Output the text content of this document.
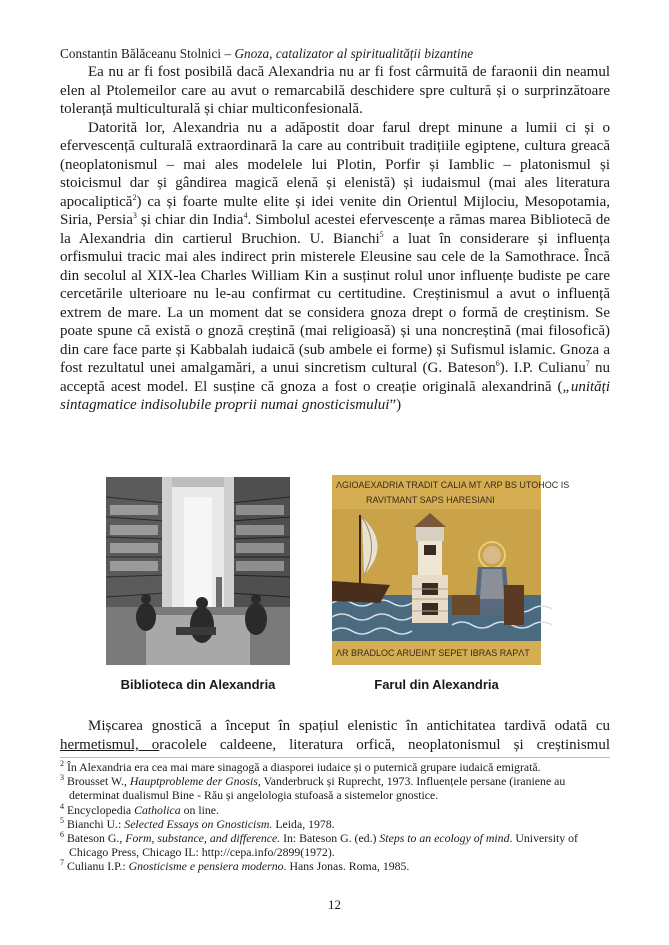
Constantin Bălăceanu Stolnici – Gnoza, catalizator al spiritualității bizantine

Ea nu ar fi fost posibilă dacă Alexandria nu ar fi fost cârmuită de faraonii din neamul elen al Ptolemeilor care au avut o remarcabilă deschidere spre cultură și o surprinzătoare toleranță multiculturală și chiar multiconfesională.

Datorită lor, Alexandria nu a adăpostit doar farul drept minune a lumii ci și o efervescență culturală extraordinară la care au contribuit tradițiile egiptene, cultura greacă (neoplatonismul – mai ales modelele lui Plotin, Porfir și Iamblic – platonismul și stoicismul dar și gândirea magică elenă și elenistă) și iudaismul (mai ales literatura apocaliptică$^2$) ca și foarte multe elite și idei venite din Orientul Mijlociu, Mesopotamia, Siria, Persia$^3$ și chiar din India$^4$. Simbolul acestei efervescențe a rămas marea Bibliotecă de la Alexandria din cartierul Bruchion. U. Bianchi$^5$ a luat în considerare și influența orfismului tracic mai ales indirect prin misterele Eleusine sau cele de la Samothrace. Încă din secolul al XIX-lea Charles William Kin a susținut rolul unor influențe budiste pe care cercetările ulterioare nu le-au confirmat cu certitudine. Creștinismul a avut o influență extrem de mare. La un moment dat se considera gnoza drept o formă de creștinism. Se poate spune că există o gnoză creștină (mai religioasă) și una noncreștină (mai filosofică) din care face parte și Kabbalah iudaică (sub ambele ei forme) și Sufismul islamic. Gnoza a fost rezultatul unei amalgamări, a unui sincretism cultural (G. Bateson$^6$). I.P. Culianu$^7$ nu acceptă acest model. El susține că gnoza a fost o creație originală alexandrină („unități sintagmatice indisolubile proprii numai gnosticismului”)

ΛGIOAEXADRIA TRADIT CALIA MT ΛRP BS UTOHOC IS
RAVITMANT SAPS HARESIANI
ΛR BRADLOC ARUEINT SEPET IBRAS RAPΛT
Biblioteca din Alexandria	Farul din Alexandria

Mișcarea gnostică a început în spațiul elenistic în antichitatea tardivă odată cu hermetismul, oracolele caldeene, literatura orfică, neoplatonismul și creștinismul

$^2$ În Alexandria era cea mai mare sinagogă a diasporei iudaice și o puternică grupare iudaică emigrată.
$^3$ Brousset W., Hauptprobleme der Gnosis, Vanderbruck și Ruprecht, 1973. Influențele persane (iraniene au determinat dualismul Bine - Rău și angelologia stufoasă a sistemelor gnostice.
$^4$ Encyclopedia Catholica on line.
$^5$ Bianchi U.: Selected Essays on Gnosticism. Leida, 1978.
$^6$ Bateson G., Form, substance, and difference. In: Bateson G. (ed.) Steps to an ecology of mind. University of Chicago Press, Chicago IL: http://cepa.info/2899(1972).
$^7$ Culianu I.P.: Gnosticisme e pensiera moderno. Hans Jonas. Roma, 1985.
12
